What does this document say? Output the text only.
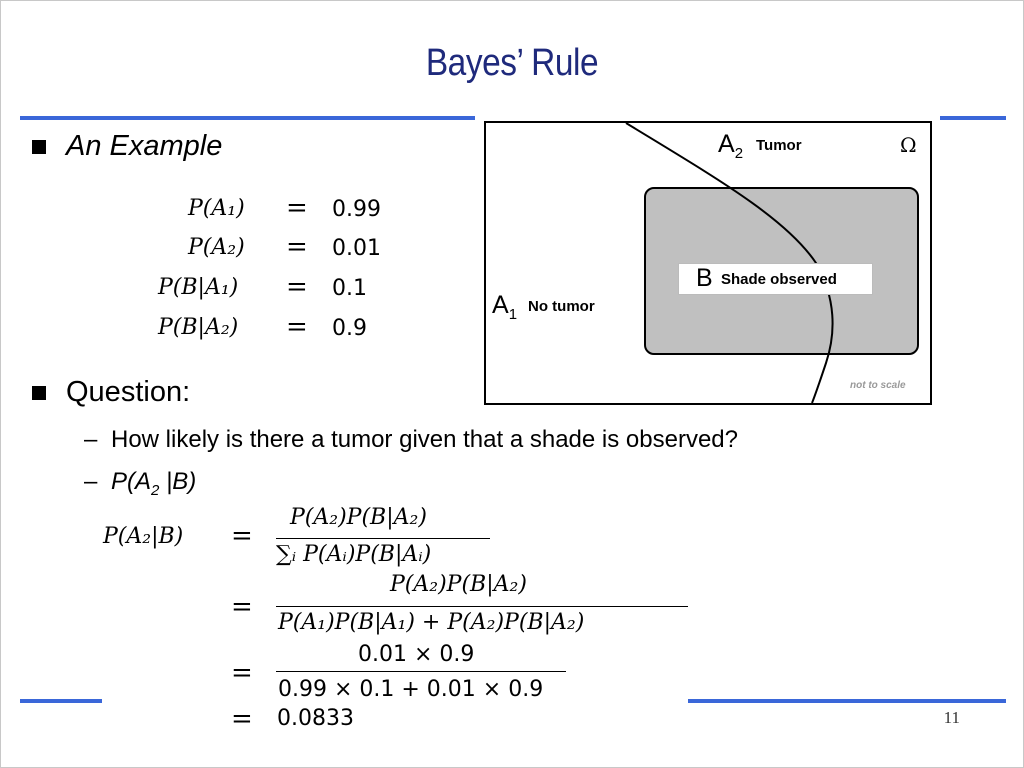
Bayes’ Rule
An Example
P(A₁) = 0.99
P(A₂) = 0.01
P(B|A₁) = 0.1
P(B|A₂) = 0.9
Question:
– How likely is there a tumor given that a shade is observed?
– $P(A_2$ |B)
P(A₂|B) =
P(A₂)P(B|A₂)
∑ᵢ P(Aᵢ)P(B|Aᵢ)
=
P(A₂)P(B|A₂)
P(A₁)P(B|A₁) + P(A₂)P(B|A₂)
=
0.01 × 0.9
0.99 × 0.1 + 0.01 × 0.9
= 0.0833	11
B Shade observed
$A_2$ Tumor	Ω
$A_1$ No tumor
not to scale
